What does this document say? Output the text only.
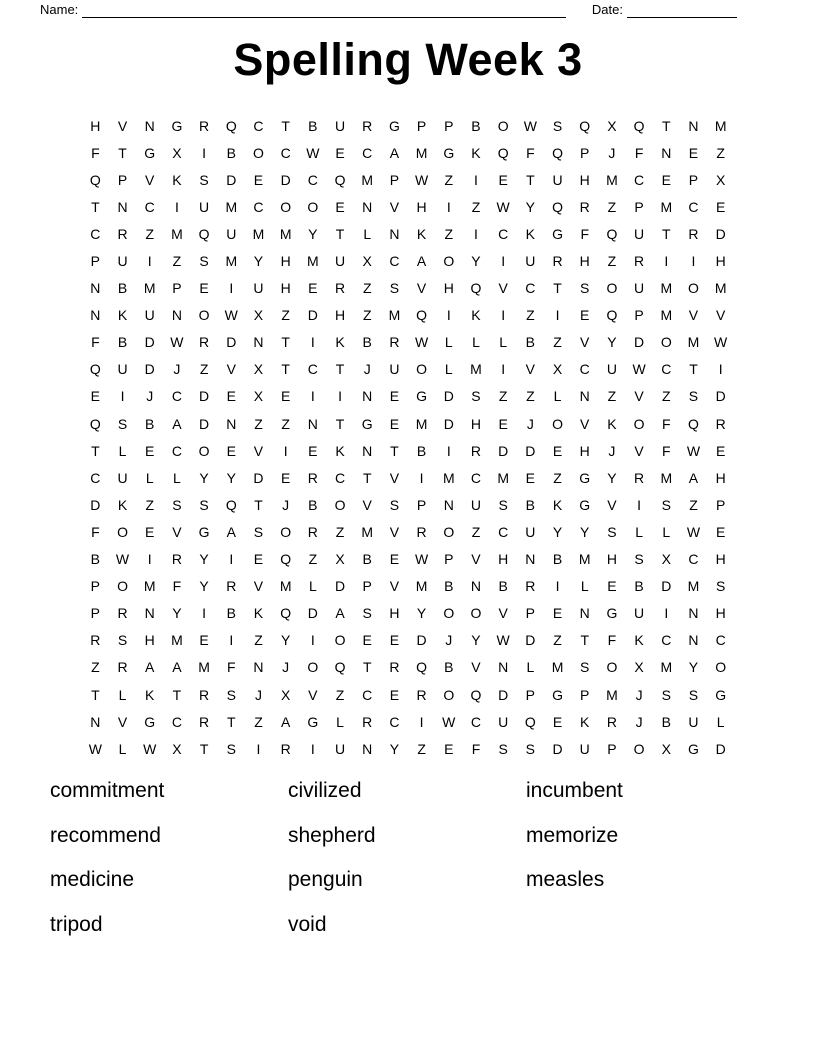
Name:	Date:
Spelling Week 3
H	V	N	G	R	Q	C	T	B	U	R	G	P	P	B	O	W	S	Q	X	Q	T	N	M
F	T	G	X	I	B	O	C	W	E	C	A	M	G	K	Q	F	Q	P	J	F	N	E	Z
Q	P	V	K	S	D	E	D	C	Q	M	P	W	Z	I	E	T	U	H	M	C	E	P	X
T	N	C	I	U	M	C	O	O	E	N	V	H	I	Z	W	Y	Q	R	Z	P	M	C	E
C	R	Z	M	Q	U	M	M	Y	T	L	N	K	Z	I	C	K	G	F	Q	U	T	R	D
P	U	I	Z	S	M	Y	H	M	U	X	C	A	O	Y	I	U	R	H	Z	R	I	I	H
N	B	M	P	E	I	U	H	E	R	Z	S	V	H	Q	V	C	T	S	O	U	M	O	M
N	K	U	N	O	W	X	Z	D	H	Z	M	Q	I	K	I	Z	I	E	Q	P	M	V	V
F	B	D	W	R	D	N	T	I	K	B	R	W	L	L	L	B	Z	V	Y	D	O	M	W
Q	U	D	J	Z	V	X	T	C	T	J	U	O	L	M	I	V	X	C	U	W	C	T	I
E	I	J	C	D	E	X	E	I	I	N	E	G	D	S	Z	Z	L	N	Z	V	Z	S	D
Q	S	B	A	D	N	Z	Z	N	T	G	E	M	D	H	E	J	O	V	K	O	F	Q	R
T	L	E	C	O	E	V	I	E	K	N	T	B	I	R	D	D	E	H	J	V	F	W	E
C	U	L	L	Y	Y	D	E	R	C	T	V	I	M	C	M	E	Z	G	Y	R	M	A	H
D	K	Z	S	S	Q	T	J	B	O	V	S	P	N	U	S	B	K	G	V	I	S	Z	P
F	O	E	V	G	A	S	O	R	Z	M	V	R	O	Z	C	U	Y	Y	S	L	L	W	E
B	W	I	R	Y	I	E	Q	Z	X	B	E	W	P	V	H	N	B	M	H	S	X	C	H
P	O	M	F	Y	R	V	M	L	D	P	V	M	B	N	B	R	I	L	E	B	D	M	S
P	R	N	Y	I	B	K	Q	D	A	S	H	Y	O	O	V	P	E	N	G	U	I	N	H
R	S	H	M	E	I	Z	Y	I	O	E	E	D	J	Y	W	D	Z	T	F	K	C	N	C
Z	R	A	A	M	F	N	J	O	Q	T	R	Q	B	V	N	L	M	S	O	X	M	Y	O
T	L	K	T	R	S	J	X	V	Z	C	E	R	O	Q	D	P	G	P	M	J	S	S	G
N	V	G	C	R	T	Z	A	G	L	R	C	I	W	C	U	Q	E	K	R	J	B	U	L
W	L	W	X	T	S	I	R	I	U	N	Y	Z	E	F	S	S	D	U	P	O	X	G	D
commitment
recommend
medicine
tripod
civilized
shepherd
penguin
void
incumbent
memorize
measles
